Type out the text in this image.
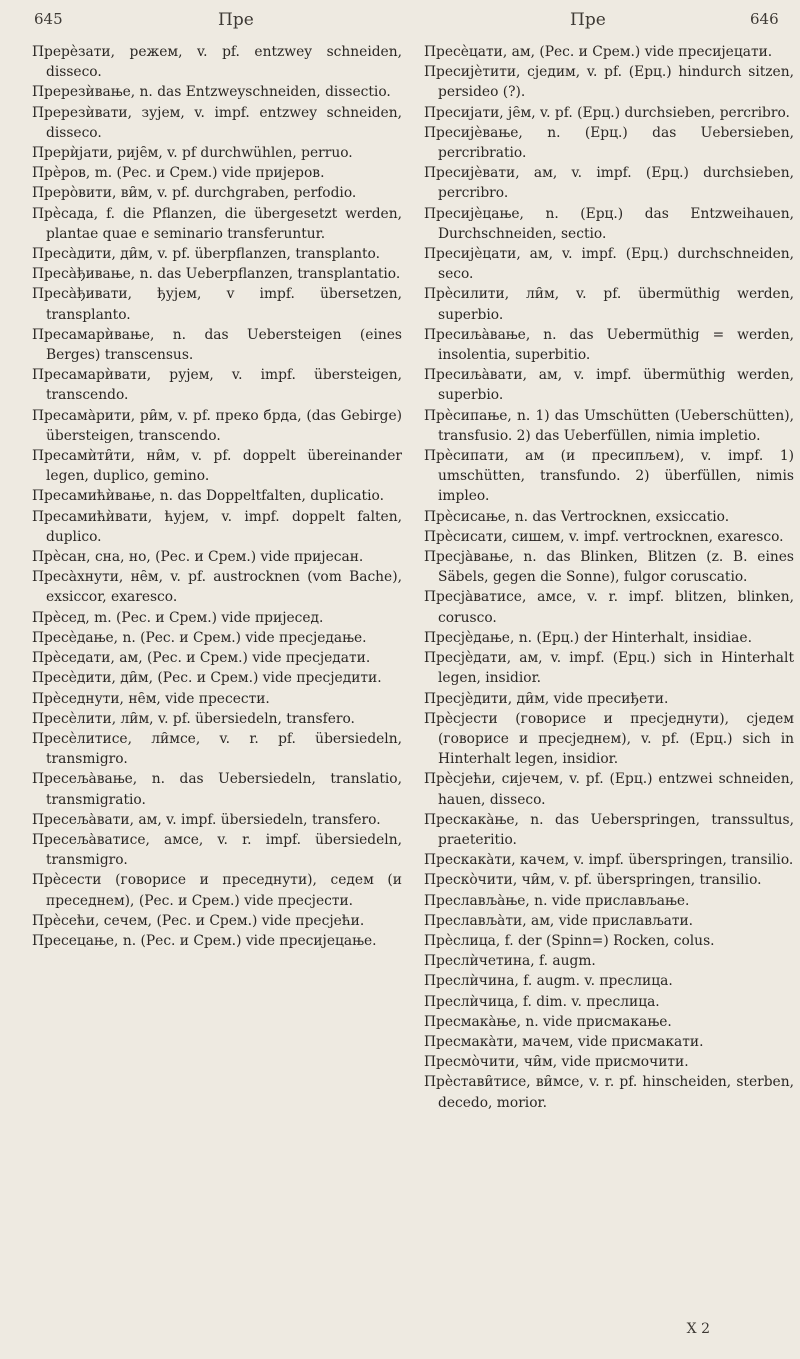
645	Пре	Пре	646

Прерѐзати, режем, v. pf. entzwey schneiden, disseco.

Пререзѝвање, n. das Entzweyschneiden, dissectio.

Пререзѝвати, зујем, v. impf. entzwey schneiden, disseco.

Прерѝјати, рије̑м, v. pf durchwühlen, perruo.

Прѐров, m. (Рес. и Срем.) vide пријеров.

Прерòвити, ви̑м, v. pf. durchgraben, perfodio.

Прѐсада, f. die Pflanzen, die übergesetzt werden, plantae quae e seminario transferuntur.

Преса̀дити, ди̑м, v. pf. überpflanzen, transplanto.

Преса̀ђивање, n. das Ueberpflanzen, transplantatio.

Преса̀ђивати, ђујем, v impf. übersetzen, transplanto.

Пресамарѝвање, n. das Uebersteigen (eines Berges) transcensus.

Пресамарѝвати, рујем, v. impf. übersteigen, transcendo.

Пресама̀рити, ри̑м, v. pf. преко брда, (das Gebirge) übersteigen, transcendo.

Пресамѝти̑ти, ни̑м, v. pf. doppelt übereinander legen, duplico, gemino.

Пресамићѝвање, n. das Doppeltfalten, duplicatio.

Пресамићѝвати, ћујем, v. impf. doppelt falten, duplico.

Прѐсан, сна, но, (Рес. и Срем.) vide пријесан.

Преса̀хнути, не̑м, v. pf. austrocknen (vom Bache), exsiccor, exaresco.

Прѐсед, m. (Рес. и Срем.) vide пријесед.

Пресѐдање, n. (Рес. и Срем.) vide пресједање.

Прѐседати, ам, (Рес. и Срем.) vide пресједати.

Пресѐдити, ди̑м, (Рес. и Срем.) vide пресједити.

Прѐседнути, не̑м, vide пресести.

Пресѐлити, ли̑м, v. pf. übersiedeln, transfero.

Пресѐлитисе, ли̑мсе, v. r. pf. übersiedeln, transmigro.

Пресеља̀вање, n. das Uebersiedeln, translatio, transmigratio.

Пресеља̀вати, ам, v. impf. übersiedeln, transfero.

Пресеља̀ватисе, амсе, v. r. impf. übersiedeln, transmigro.

Прѐсести (говорисе и преседнути), седем (и преседнем), (Рес. и Срем.) vide пресјести.

Прѐсећи, сечем, (Рес. и Срем.) vide пресјећи.

Пресецање, n. (Рес. и Срем.) vide пресијецање.

Пресѐцати, ам, (Рес. и Срем.) vide пресијецати.

Пресијѐтити, сједим, v. pf. (Ерц.) hindurch sitzen, persideo (?).

Пресијати, је̑м, v. pf. (Ерц.) durchsieben, percribro.

Пресијѐвање, n. (Ерц.) das Uebersieben, percribratio.

Пресијѐвати, ам, v. impf. (Ерц.) durchsieben, percribro.

Пресијѐцање, n. (Ерц.) das Entzweihauen, Durchschneiden, sectio.

Пресијѐцати, ам, v. impf. (Ерц.) durchschneiden, seco.

Прѐсилити, ли̑м, v. pf. übermüthig werden, superbio.

Пресиља̀вање, n. das Uebermüthig = werden, insolentia, superbitio.

Пресиља̀вати, ам, v. impf. übermüthig werden, superbio.

Прѐсипање, n. 1) das Umschütten (Ueberschütten), transfusio. 2) das Ueberfüllen, nimia impletio.

Прѐсипати, ам (и пресипљем), v. impf. 1) umschütten, transfundo. 2) überfüllen, nimis impleo.

Прѐсисање, n. das Vertrocknen, exsiccatio.

Прѐсисати, сишем, v. impf. vertrocknen, exaresco.

Пресја̀вање, n. das Blinken, Blitzen (z. B. eines Säbels, gegen die Sonne), fulgor coruscatio.

Пресја̀ватисе, амсе, v. r. impf. blitzen, blinken, corusco.

Пресјѐдање, n. (Ерц.) der Hinterhalt, insidiae.

Пресјѐдати, ам, v. impf. (Ерц.) sich in Hinterhalt legen, insidior.

Пресјѐдити, ди̑м, vide пресиђети.

Прѐсјести (говорисе и пресједнути), сједем (говорисе и пресједнем), v. pf. (Ерц.) sich in Hinterhalt legen, insidior.

Прѐсјећи, сијечем, v. pf. (Ерц.) entzwei schneiden, hauen, disseco.

Прескака̀ње, n. das Ueberspringen, transsultus, praeteritio.

Прескака̀ти, качем, v. impf. überspringen, transilio.

Прескòчити, чи̑м, v. pf. überspringen, transilio.

Преславља̀ње, n. vide прислављање.

Преславља̀ти, ам, vide прислављати.

Прѐслица, f. der (Spinn=) Rocken, colus.

Преслѝчетина, f. augm.

Преслѝчина, f. augm. v. преслица.

Преслѝчица, f. dim. v. преслица.

Пресмака̀ње, n. vide присмакање.

Пресмака̀ти, мачем, vide присмакати.

Пресмòчити, чи̑м, vide присмочити.

Прѐстави̑тисе, ви̑мсе, v. r. pf. hinscheiden, sterben, decedo, morior.

X 2
